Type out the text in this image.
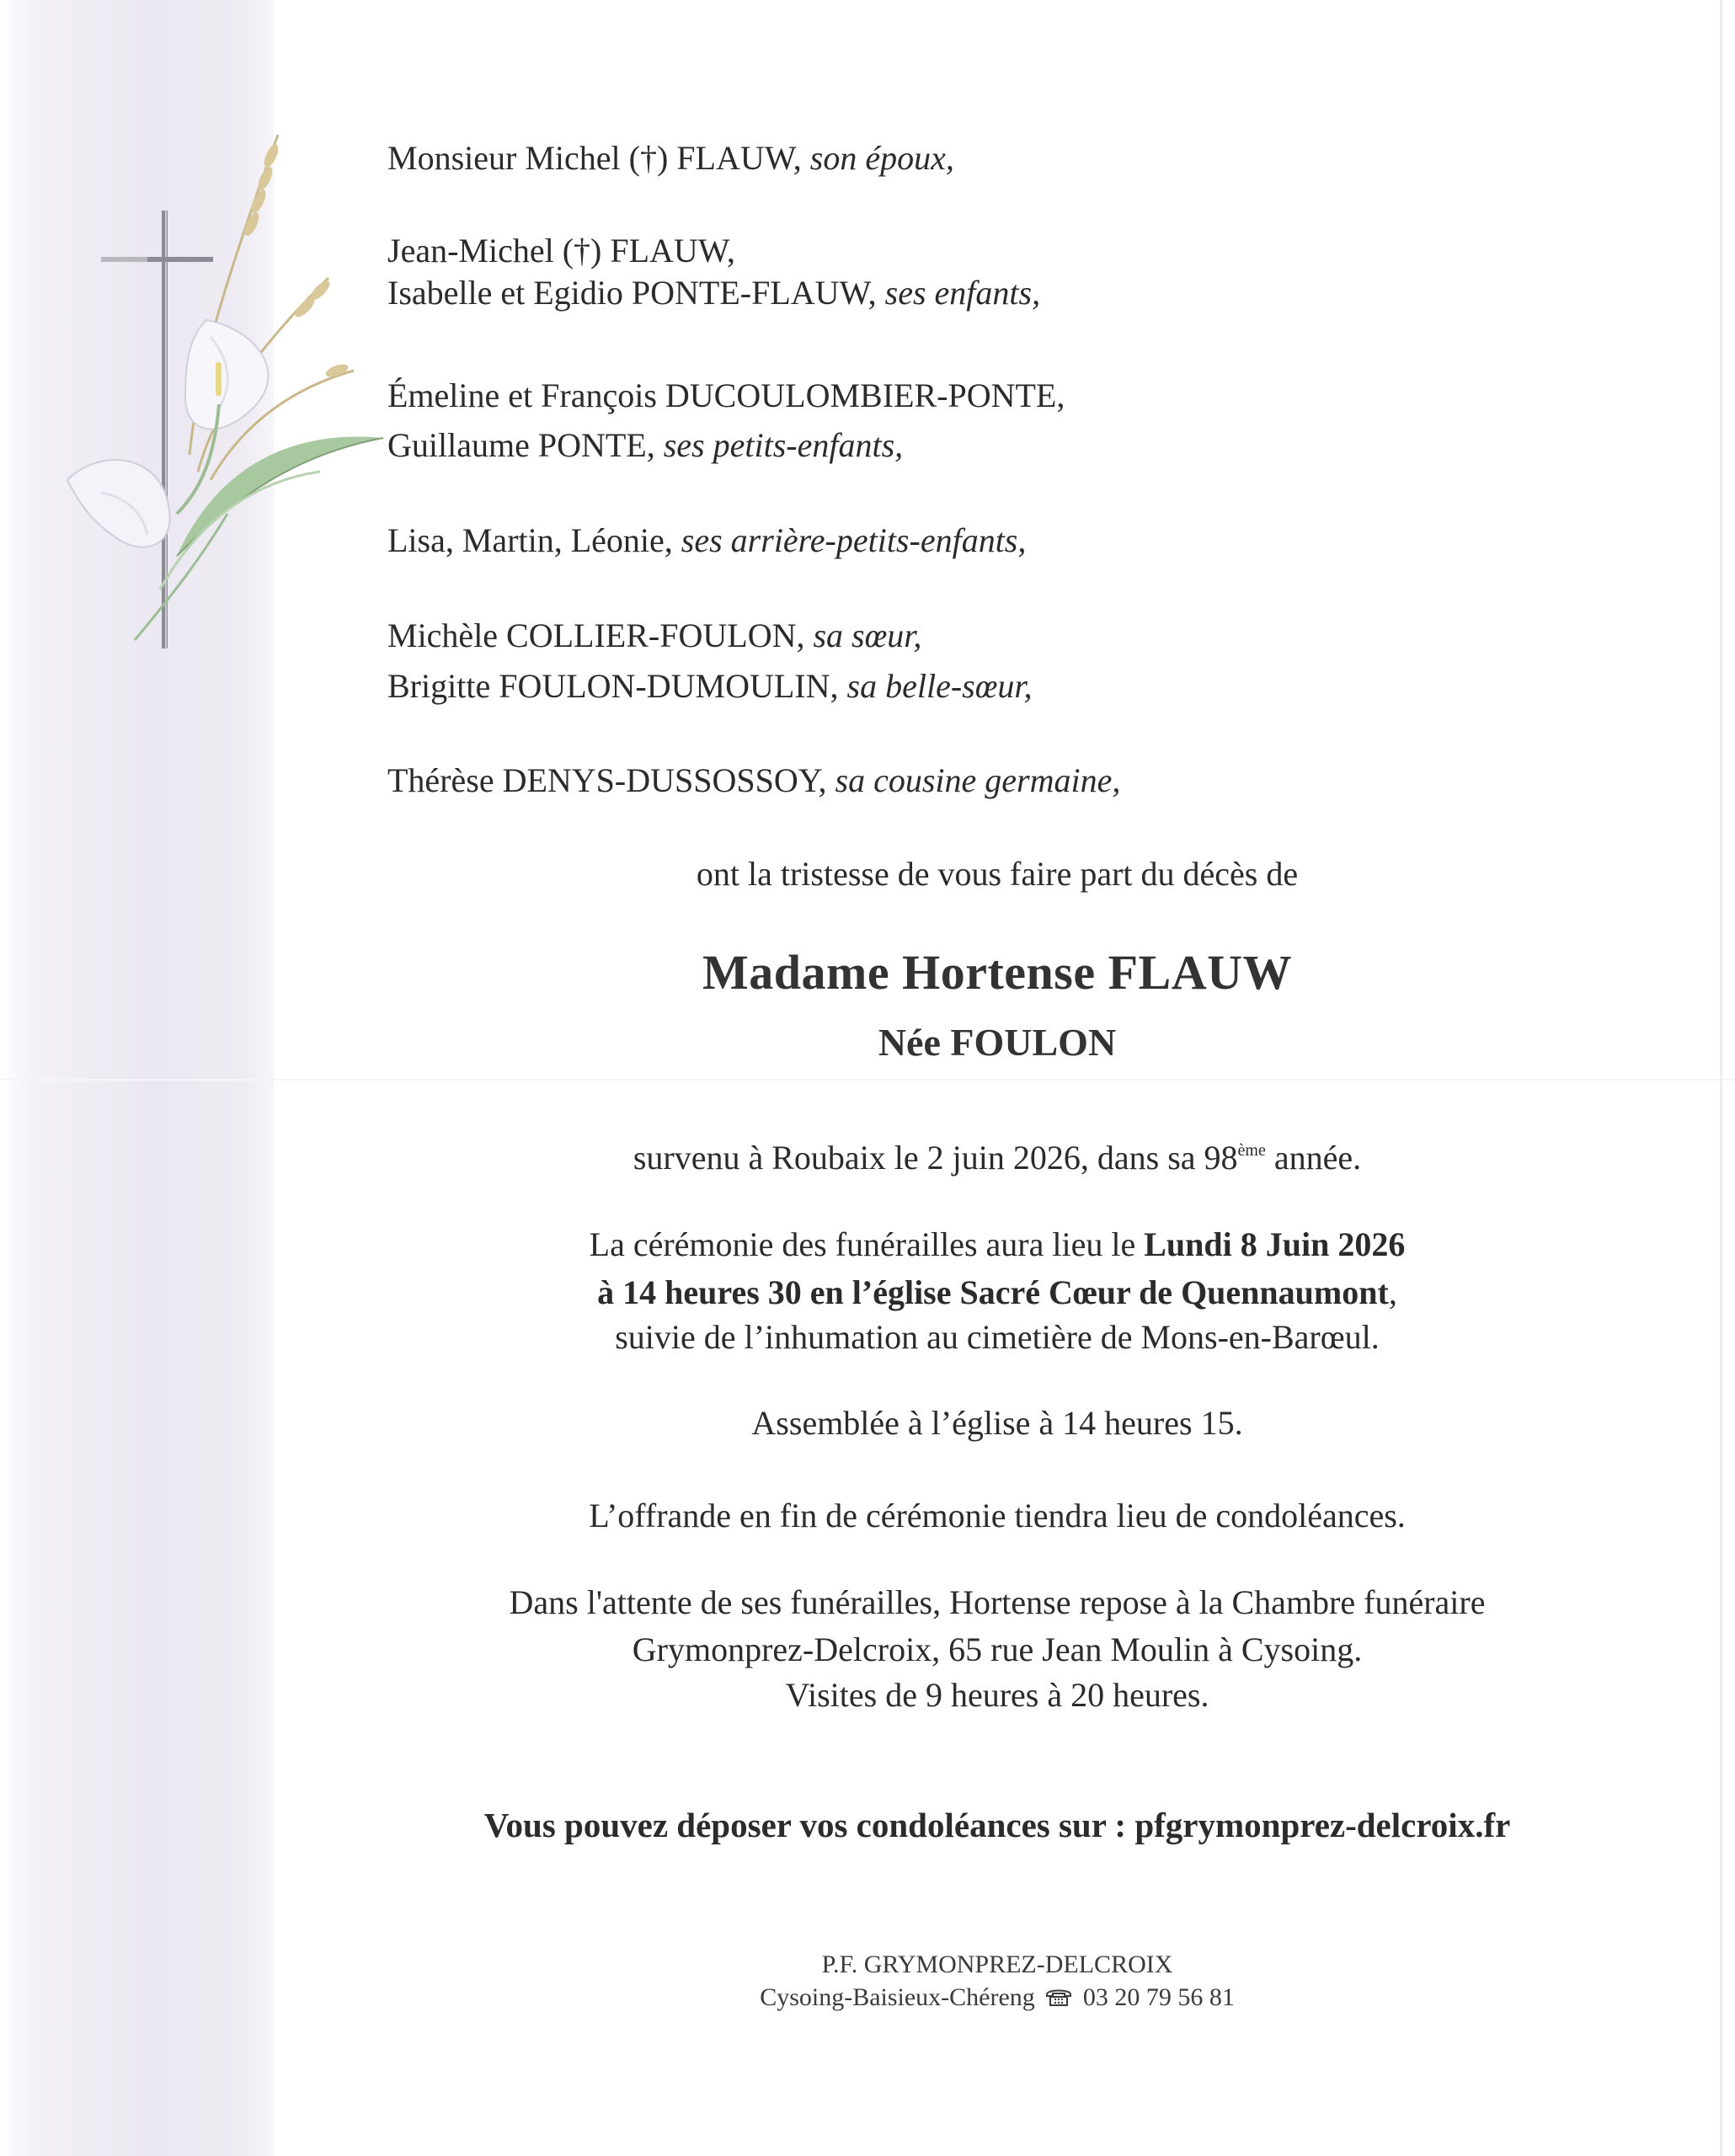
Monsieur Michel (†) FLAUW, son époux,
Jean-Michel (†) FLAUW,
Isabelle et Egidio PONTE-FLAUW, ses enfants,
Émeline et François DUCOULOMBIER-PONTE,
Guillaume PONTE, ses petits-enfants,
Lisa, Martin, Léonie, ses arrière-petits-enfants,
Michèle COLLIER-FOULON, sa sœur,
Brigitte FOULON-DUMOULIN, sa belle-sœur,
Thérèse DENYS-DUSSOSSOY, sa cousine germaine,
ont la tristesse de vous faire part du décès de
Madame Hortense FLAUW
Née FOULON
survenu à Roubaix le 2 juin 2026, dans sa 98ème année.
La cérémonie des funérailles aura lieu le Lundi 8 Juin 2026
à 14 heures 30 en l’église Sacré Cœur de Quennaumont,
suivie de l’inhumation au cimetière de Mons-en-Barœul.
Assemblée à l’église à 14 heures 15.
L’offrande en fin de cérémonie tiendra lieu de condoléances.
Dans l'attente de ses funérailles, Hortense repose à la Chambre funéraire
Grymonprez-Delcroix, 65 rue Jean Moulin à Cysoing.
Visites de 9 heures à 20 heures.
Vous pouvez déposer vos condoléances sur : pfgrymonprez-delcroix.fr
P.F. GRYMONPREZ-DELCROIX
Cysoing-Baisieux-Chéreng 03 20 79 56 81
